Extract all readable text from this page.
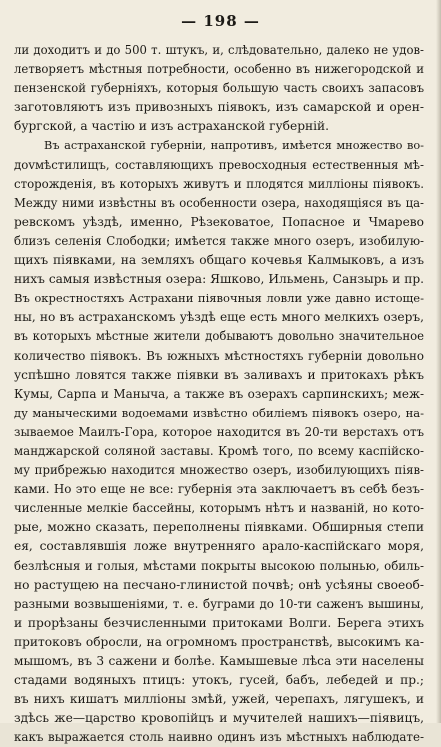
— 198 —
ли доходитъ и до 500 т. штукъ, и, слѣдовательно, далеко не удов-
летворяетъ мѣстныя потребности, особенно въ нижегородской и
пензенской губерніяхъ, которыя большую часть своихъ запасовъ
заготовляютъ изъ привозныхъ піявокъ, изъ самарской и орен-
бургской, а частію и изъ астраханской губерній.
Въ астраханской губерніи, напротивъ, имѣется множество во-
доvмѣстилищъ, составляющихъ превосходныя естественныя мѣ-
сторожденія, въ которыхъ живутъ и плодятся милліоны піявокъ.
Между ними извѣстны въ особенности озера, находящіяся въ ца-
ревскомъ уѣздѣ, именно, Рѣзековатое, Попасное и Чмарево
близъ селенія Слободки; имѣется также много озеръ, изобилую-
щихъ піявками, на земляхъ общаго кочевья Калмыковъ, а изъ
нихъ самыя извѣстныя озера: Яшково, Ильмень, Санзырь и пр.
Въ окрестностяхъ Астрахани піявочныя ловли уже давно истоще-
ны, но въ астраханскомъ уѣздѣ еще есть много мелкихъ озеръ,
въ которыхъ мѣстные жители добываютъ довольно значительное
количество піявокъ. Въ южныхъ мѣстностяхъ губерніи довольно
успѣшно ловятся также піявки въ заливахъ и притокахъ рѣкъ
Кумы, Сарпа и Маныча, а также въ озерахъ сарпинскихъ; меж-
ду маныческими водоемами извѣстно обиліемъ піявокъ озеро, на-
зываемое Маилъ-Гора, которое находится въ 20-ти верстахъ отъ
манджарской соляной заставы. Кромѣ того, по всему каспійско-
му прибрежью находится множество озеръ, изобилующихъ піяв-
ками. Но это еще не все: губернія эта заключаетъ въ себѣ безъ-
численные мелкіе бассейны, которымъ нѣтъ и названій, но кото-
рые, можно сказать, переполнены піявками. Обширныя степи
ея, составлявшія ложе внутренняго арало-каспійскаго моря,
безлѣсныя и голыя, мѣстами покрыты высокою полынью, обиль-
но растущею на песчано-глинистой почвѣ; онѣ усѣяны своеоб-
разными возвышеніями, т. е. буграми до 10-ти саженъ вышины,
и прорѣзаны безчисленными притоками Волги. Берега этихъ
притоковъ обросли, на огромномъ пространствѣ, высокимъ ка-
мышомъ, въ 3 сажени и болѣе. Камышевые лѣса эти населены
стадами водяныхъ птицъ: утокъ, гусей, бабъ, лебедей и пр.;
въ нихъ кишатъ милліоны змѣй, ужей, черепахъ, лягушекъ, и
здѣсь же—царство кровопійцъ и мучителей нашихъ—піявицъ,
какъ выражается столь наивно одинъ изъ мѣстныхъ наблюдате-
